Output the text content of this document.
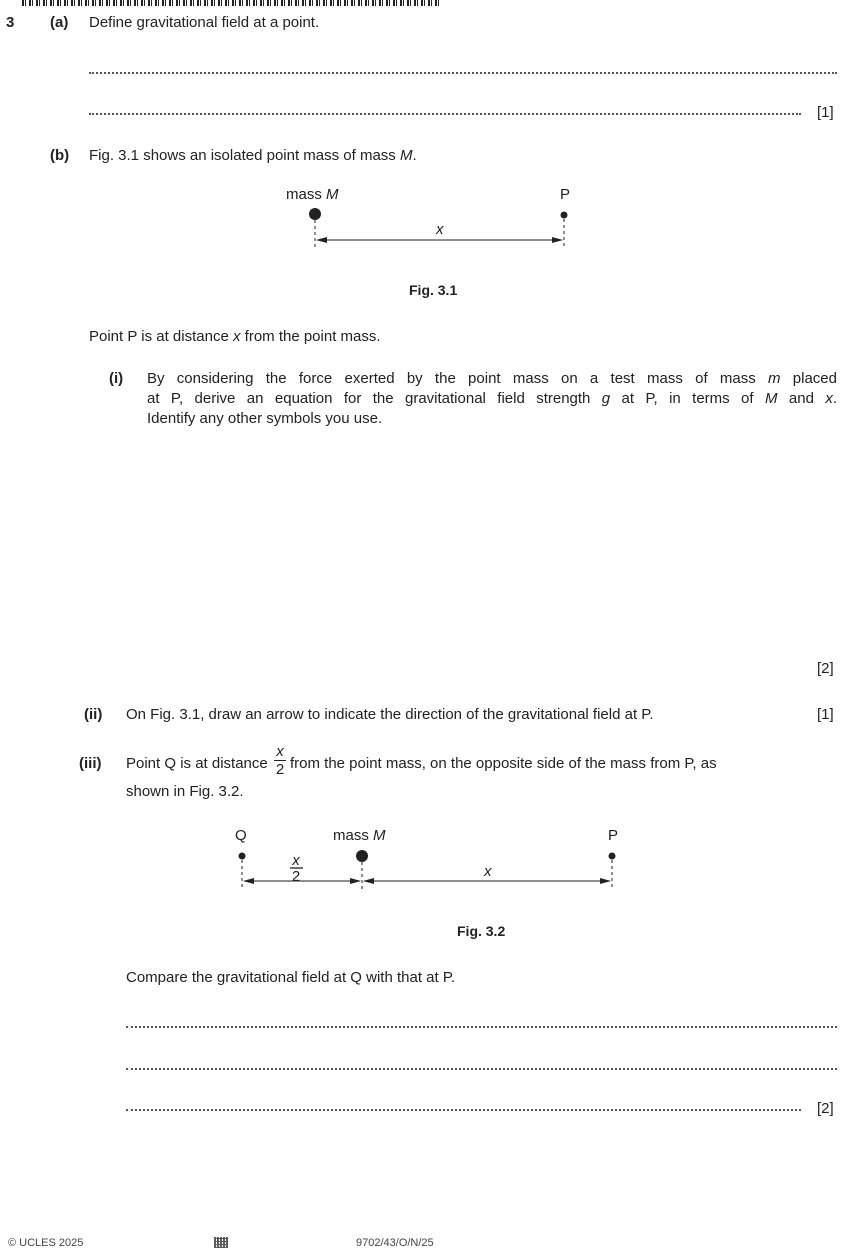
3 (a) Define gravitational field at a point.
[1]
(b) Fig. 3.1 shows an isolated point mass of mass M.
mass M	P
x
Fig. 3.1
Point P is at distance x from the point mass.
(i) By considering the force exerted by the point mass on a test mass of mass m placed
at P, derive an equation for the gravitational field strength g at P, in terms of M and x.
Identify any other symbols you use.
[2]
(ii) On Fig. 3.1, draw an arrow to indicate the direction of the gravitational field at P.	[1]
(iii) Point Q is at distance
x
2 from the point mass, on the opposite side of the mass from P, as
shown in Fig. 3.2.
Q	mass M	P
x
2	x
Fig. 3.2
Compare the gravitational field at Q with that at P.
[2]
© UCLES 2025	9702/43/O/N/25
